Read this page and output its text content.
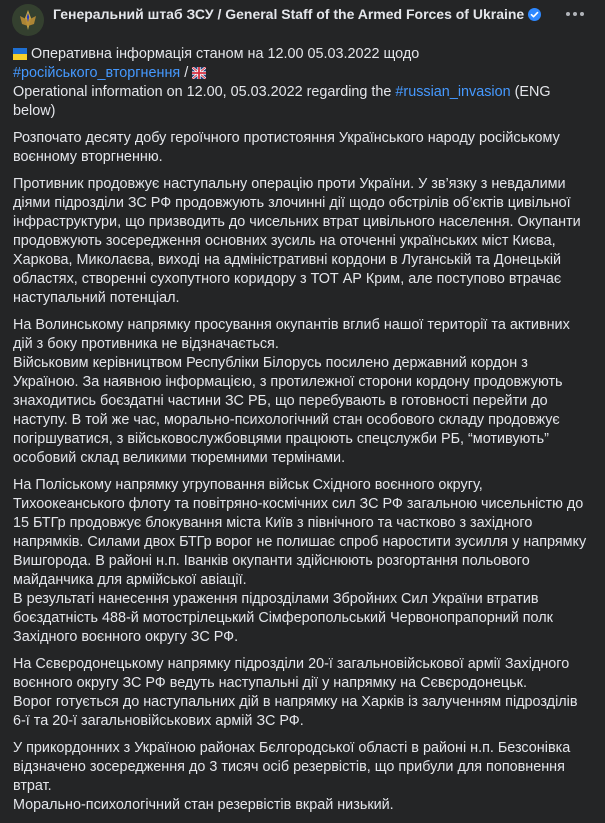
Генеральний штаб ЗСУ / General Staff of the Armed Forces of Ukraine

Оперативна інформація станом на 12.00 05.03.2022 щодо #російського_вторгнення /
Operational information on 12.00, 05.03.2022 regarding the #russian_invasion (ENG below)

Розпочато десяту добу героїчного протистояння Українського народу російському воєнному вторгненню.

Противник продовжує наступальну операцію проти України. У зв’язку з невдалими діями підрозділи ЗС РФ продовжують злочинні дії щодо обстрілів об’єктів цивільної інфраструктури, що призводить до чисельних втрат цивільного населення. Окупанти продовжують зосередження основних зусиль на оточенні українських міст Києва, Харкова, Миколаєва, виході на адміністративні кордони в Луганській та Донецькій областях, створенні сухопутного коридору з ТОТ АР Крим, але поступово втрачає наступальний потенціал.

На Волинському напрямку просування окупантів вглиб нашої території та активних дій з боку противника не відзначається.
Військовим керівництвом Республіки Білорусь посилено державний кордон з Україною. За наявною інформацією, з протилежної сторони кордону продовжують знаходитись боєздатні частини ЗС РБ, що перебувають в готовності перейти до наступу. В той же час, морально-психологічний стан особового складу продовжує погіршуватися, з військовослужбовцями працюють спецслужби РБ, “мотивують” особовий склад великими тюремними термінами.

На Поліському напрямку угруповання військ Східного воєнного округу, Тихоокеанського флоту та повітряно-космічних сил ЗС РФ загальною чисельністю до 15 БТГр продовжує блокування міста Київ з північного та частково з західного напрямків. Силами двох БТГр ворог не полишає спроб наростити зусилля у напрямку Вишгорода. В районі н.п. Іванків окупанти здійснюють розгортання польового майданчика для армійської авіації.
В результаті нанесення ураження підрозділами Збройних Сил України втратив боєздатність 488-й мотострілецький Сімферопольський Червонопрапорний полк Західного воєнного округу ЗС РФ.

На Сєвєродонецькому напрямку підрозділи 20-ї загальновійськової армії Західного воєнного округу ЗС РФ ведуть наступальні дії у напрямку на Сєвєродонецьк.
Ворог готується до наступальних дій в напрямку на Харків із залученням підрозділів 6-ї та 20-ї загальновійськових армій ЗС РФ.

У прикордонних з Україною районах Бєлгородської області в районі н.п. Безсонівка відзначено зосередження до 3 тисяч осіб резервістів, що прибули для поповнення втрат.
Морально-психологічний стан резервістів вкрай низький.
